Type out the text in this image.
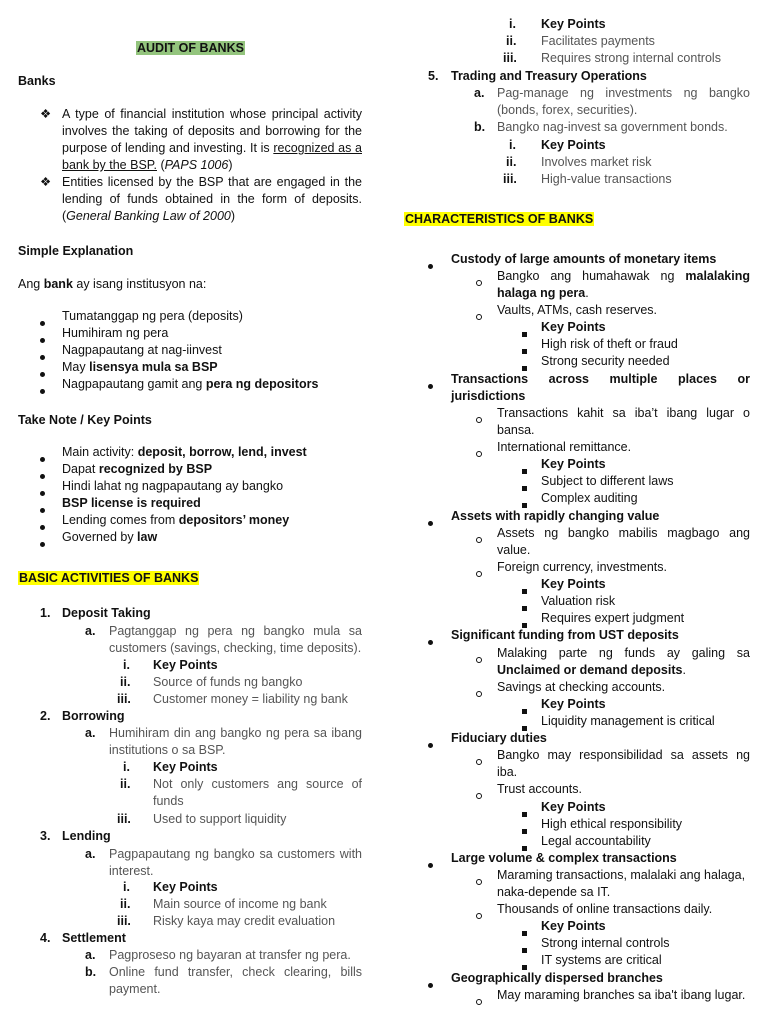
AUDIT OF BANKS
Banks
❖ A type of financial institution whose principal activity involves the taking of deposits and borrowing for the purpose of lending and investing. It is recognized as a bank by the BSP. (PAPS 1006)
❖ Entities licensed by the BSP that are engaged in the lending of funds obtained in the form of deposits. (General Banking Law of 2000)
Simple Explanation
Ang bank ay isang institusyon na:
Tumatanggap ng pera (deposits)
Humihiram ng pera
Nagpapautang at nag-iinvest
May lisensya mula sa BSP
Nagpapautang gamit ang pera ng depositors
Take Note / Key Points
Main activity: deposit, borrow, lend, invest
Dapat recognized by BSP
Hindi lahat ng nagpapautang ay bangko
BSP license is required
Lending comes from depositors’ money
Governed by law
BASIC ACTIVITIES OF BANKS
1. Deposit Taking
a. Pagtanggap ng pera ng bangko mula sa customers (savings, checking, time deposits).
i. Key Points
ii. Source of funds ng bangko
iii. Customer money = liability ng bank
2. Borrowing
a. Humihiram din ang bangko ng pera sa ibang institutions o sa BSP.
i. Key Points
ii. Not only customers ang source of funds
iii. Used to support liquidity
3. Lending
a. Pagpapautang ng bangko sa customers with interest.
i. Key Points
ii. Main source of income ng bank
iii. Risky kaya may credit evaluation
4. Settlement
a. Pagproseso ng bayaran at transfer ng pera.
b. Online fund transfer, check clearing, bills payment.
i. Key Points
ii. Facilitates payments
iii. Requires strong internal controls
5. Trading and Treasury Operations
a. Pag-manage ng investments ng bangko (bonds, forex, securities).
b. Bangko nag-invest sa government bonds.
i. Key Points
ii. Involves market risk
iii. High-value transactions
CHARACTERISTICS OF BANKS
Custody of large amounts of monetary items
Bangko ang humahawak ng malalaking halaga ng pera.
Vaults, ATMs, cash reserves.
Key Points
High risk of theft or fraud
Strong security needed
Transactions across multiple places or jurisdictions
Transactions kahit sa iba’t ibang lugar o bansa.
International remittance.
Key Points
Subject to different laws
Complex auditing
Assets with rapidly changing value
Assets ng bangko mabilis magbago ang value.
Foreign currency, investments.
Key Points
Valuation risk
Requires expert judgment
Significant funding from UST deposits
Malaking parte ng funds ay galing sa Unclaimed or demand deposits.
Savings at checking accounts.
Key Points
Liquidity management is critical
Fiduciary duties
Bangko may responsibilidad sa assets ng iba.
Trust accounts.
Key Points
High ethical responsibility
Legal accountability
Large volume & complex transactions
Maraming transactions, malalaki ang halaga, naka-depende sa IT.
Thousands of online transactions daily.
Key Points
Strong internal controls
IT systems are critical
Geographically dispersed branches
May maraming branches sa iba't ibang lugar.
